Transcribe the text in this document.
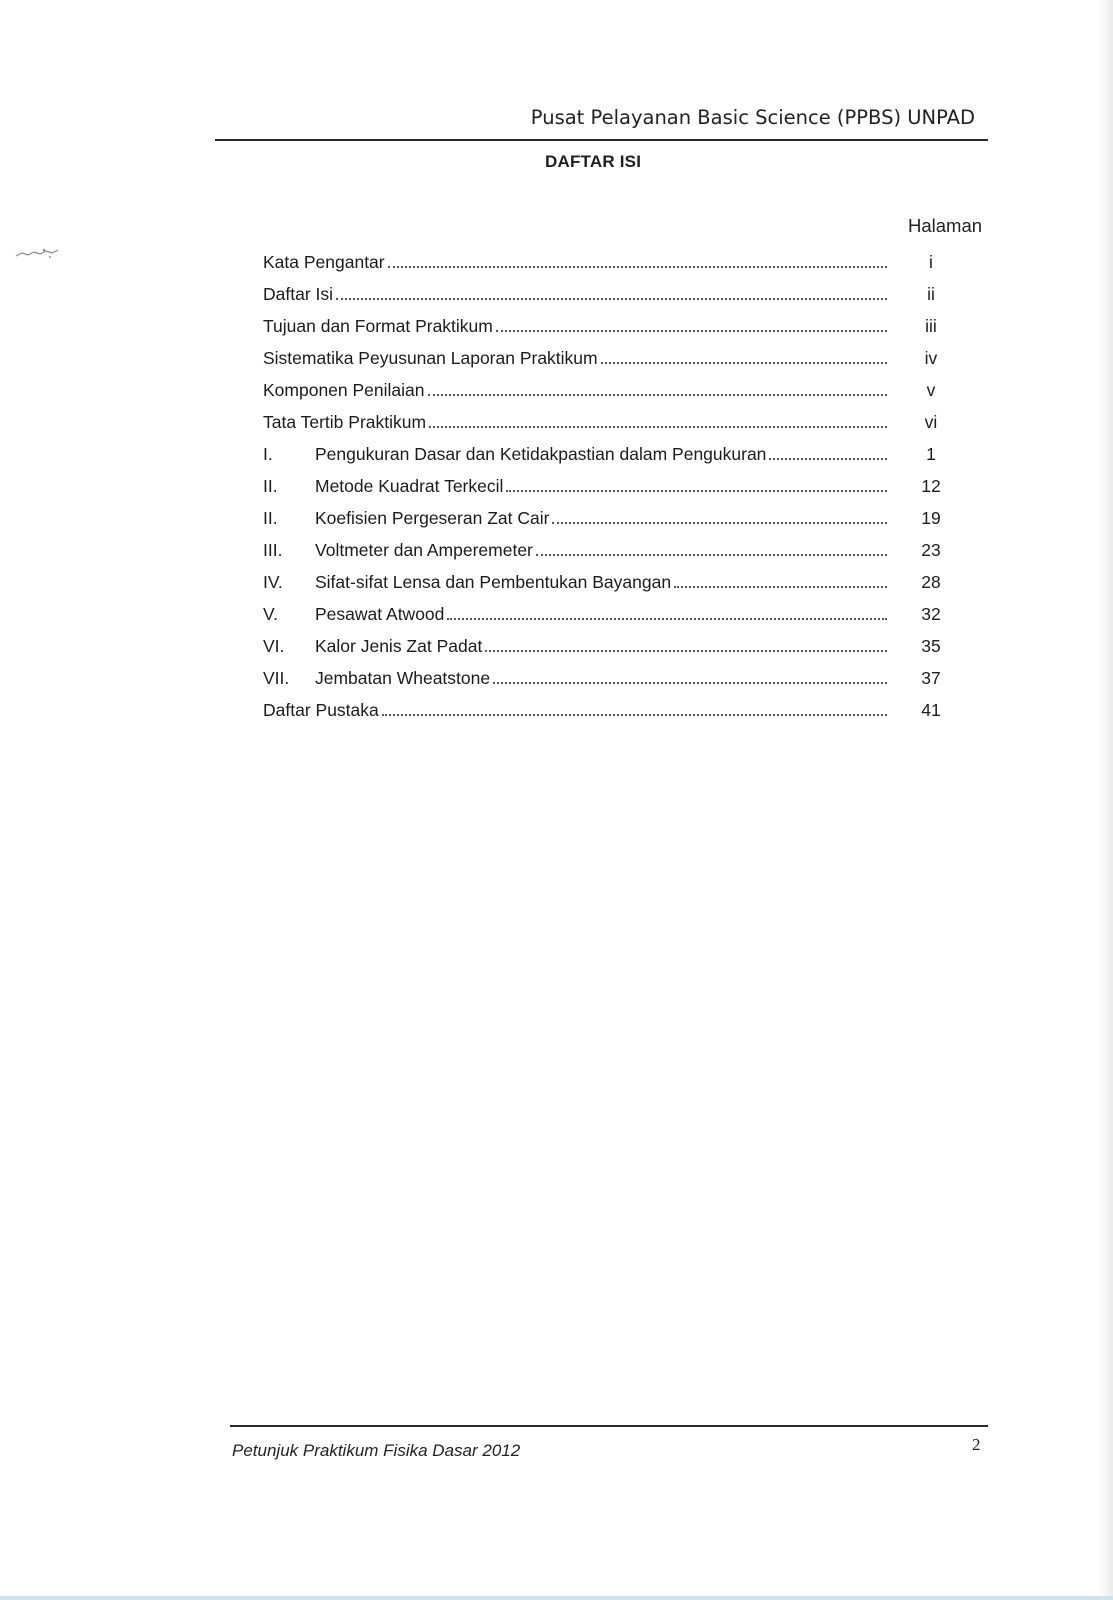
Pusat Pelayanan Basic Science (PPBS) UNPAD
DAFTAR ISI
Halaman
Kata Pengantar	i
Daftar Isi	ii
Tujuan dan Format Praktikum	iii
Sistematika Peyusunan Laporan Praktikum	iv
Komponen Penilaian	v
Tata Tertib Praktikum	vi
I.	Pengukuran Dasar dan Ketidakpastian dalam Pengukuran	1
II.	Metode Kuadrat Terkecil	12
II.	Koefisien Pergeseran Zat Cair	19
III.	Voltmeter dan Amperemeter	23
IV.	Sifat-sifat Lensa dan Pembentukan Bayangan	28
V.	Pesawat Atwood	32
VI.	Kalor Jenis Zat Padat	35
VII.	Jembatan Wheatstone	37
Daftar Pustaka	41
Petunjuk Praktikum Fisika Dasar 2012	2
